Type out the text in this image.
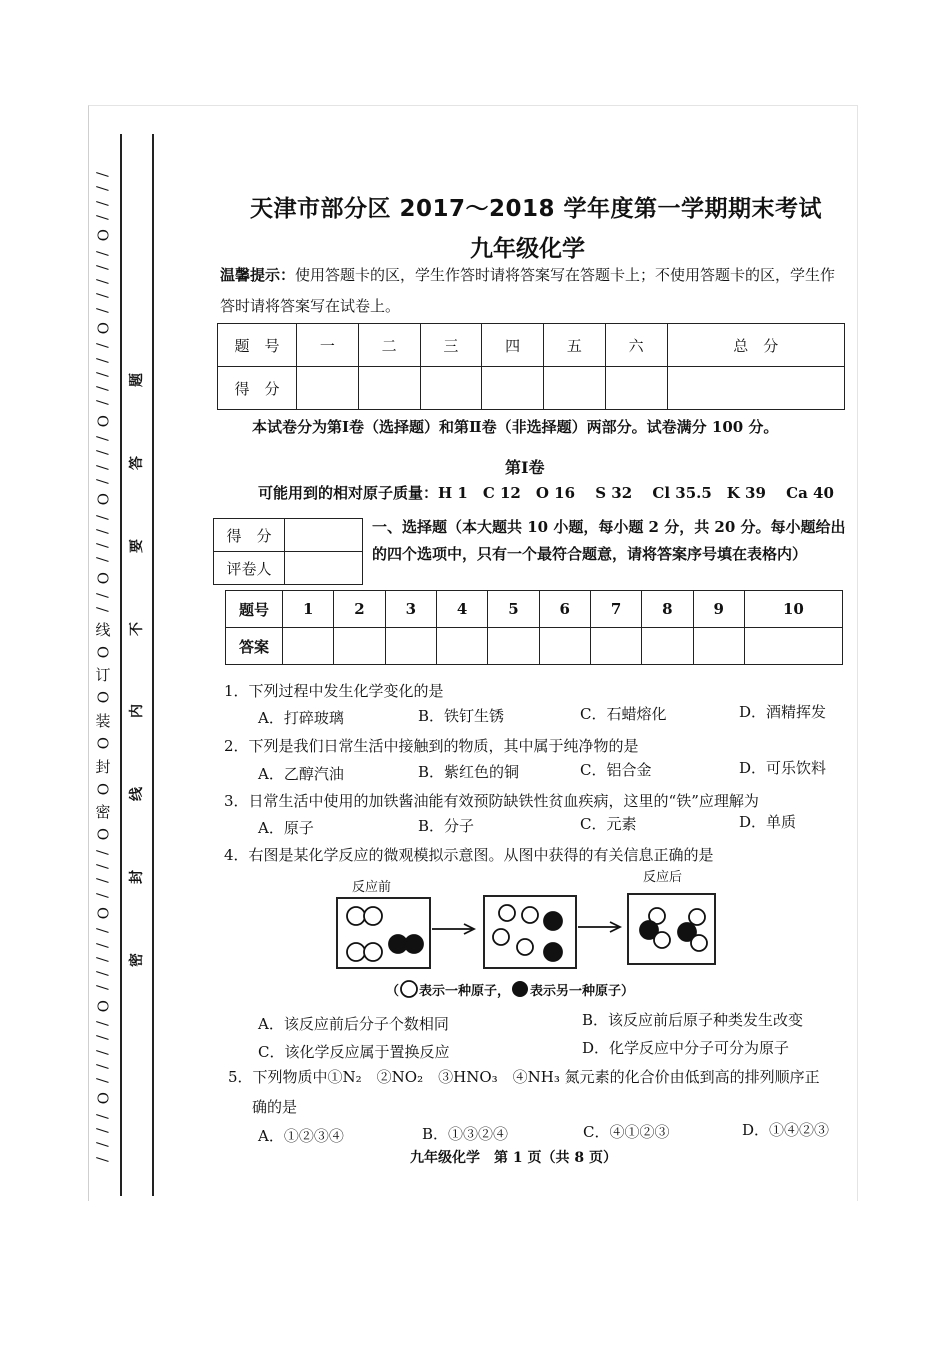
/
/
/
/
O
/
/
/
/
/
O
/
/
/
/
/
O
/
/
/
/
O
/
/
/
/
O
/
/
线
O
订
O
装
O
封
O
密
O
/
/
/
/
O
/
/
/
/
/
O
/
/
/
/
/
O
/
/
/
/
题
答
要
不
内
线
封
密
天津市部分区 2017～2018 学年度第一学期期末考试
九年级化学
温馨提示：使用答题卡的区，学生作答时请将答案写在答题卡上；不使用答题卡的区，学生作答时请将答案写在试卷上。
题　号	一	二	三	四	五	六	总　分
得　分							
本试卷分为第Ⅰ卷（选择题）和第Ⅱ卷（非选择题）两部分。试卷满分 100 分。
第Ⅰ卷
可能用到的相对原子质量：H 1　C 12　O 16　 S 32　 Cl 35.5　K 39　 Ca 40
得　分	
评卷人	
一、选择题（本大题共 10 小题，每小题 2 分，共 20 分。每小题给出的四个选项中，只有一个最符合题意，请将答案序号填在表格内）
题号	1	2	3	4	5	6	7	8	9	10
答案										
1．下列过程中发生化学变化的是
A．打碎玻璃	B．铁钉生锈	C．石蜡熔化	D．酒精挥发
2．下列是我们日常生活中接触到的物质，其中属于纯净物的是
A．乙醇汽油	B．紫红色的铜	C．铝合金	D．可乐饮料
3．日常生活中使用的加铁酱油能有效预防缺铁性贫血疾病，这里的“铁”应理解为
A．原子	B．分子	C．元素	D．单质
4．右图是某化学反应的微观模拟示意图。从图中获得的有关信息正确的是
反应前
反应后
（ 表示一种原子， 表示另一种原子）
A．该反应前后分子个数相同	B．该反应前后原子种类发生改变
C．该化学反应属于置换反应	D．化学反应中分子可分为原子
5．下列物质中①N₂　②NO₂　③HNO₃　④NH₃ 氮元素的化合价由低到高的排列顺序正
确的是
A．①②③④	B．①③②④	C．④①②③	D．①④②③
九年级化学　第 1 页（共 8 页）
